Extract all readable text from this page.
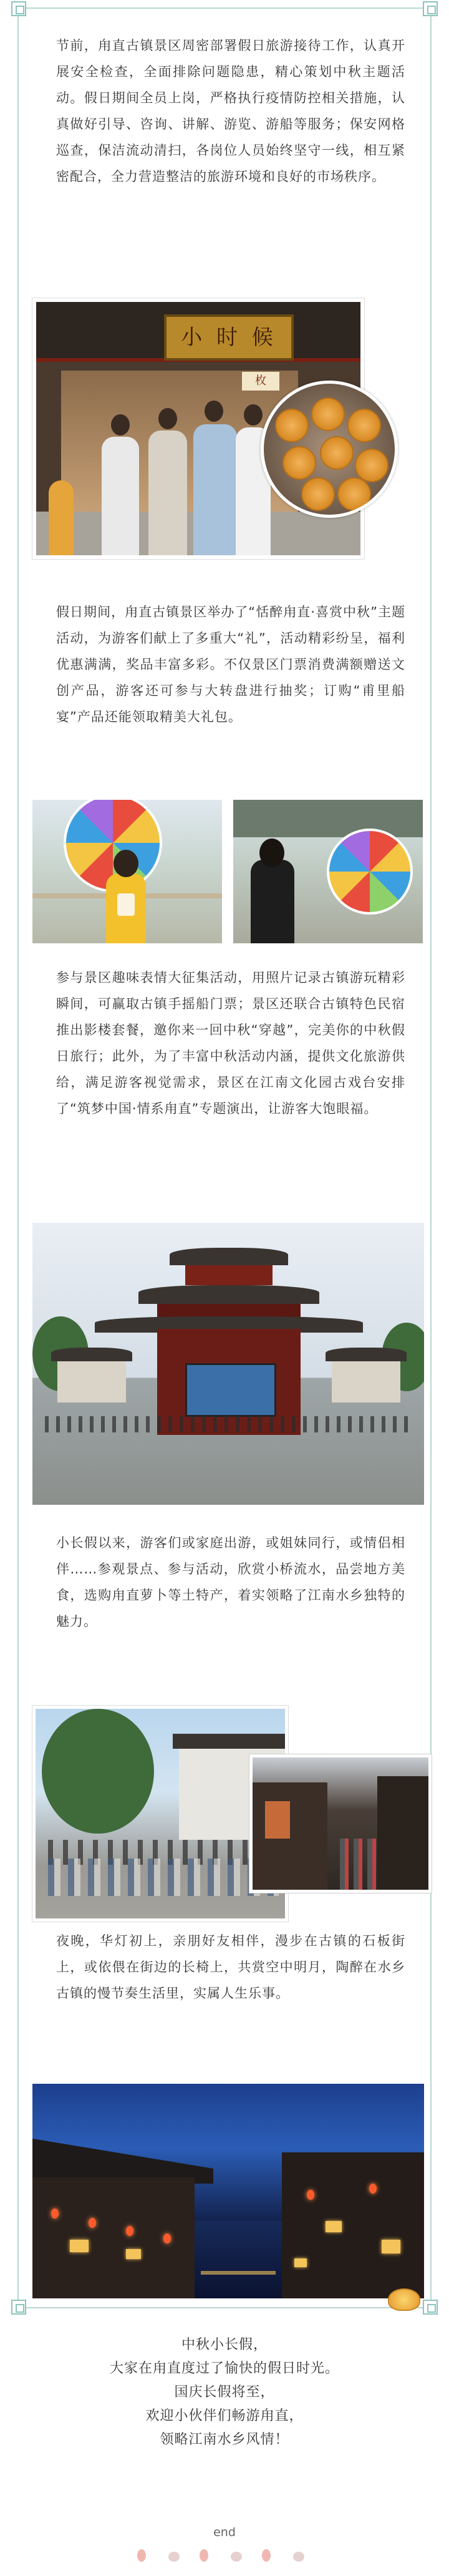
节前，甪直古镇景区周密部署假日旅游接待工作，认真开展安全检查，全面排除问题隐患，精心策划中秋主题活动。假日期间全员上岗，严格执行疫情防控相关措施，认真做好引导、咨询、讲解、游览、游船等服务；保安网格巡查，保洁流动清扫，各岗位人员始终坚守一线，相互紧密配合，全力营造整洁的旅游环境和良好的市场秩序。

小 时 候
枚

假日期间，甪直古镇景区举办了“恬醉甪直·喜赏中秋”主题活动，为游客们献上了多重大“礼”，活动精彩纷呈，福利优惠满满，奖品丰富多彩。不仅景区门票消费满额赠送文创产品，游客还可参与大转盘进行抽奖；订购“甫里船宴”产品还能领取精美大礼包。

参与景区趣味表情大征集活动，用照片记录古镇游玩精彩瞬间，可赢取古镇手摇船门票；景区还联合古镇特色民宿推出影楼套餐，邀你来一回中秋“穿越”，完美你的中秋假日旅行；此外，为了丰富中秋活动内涵，提供文化旅游供给，满足游客视觉需求，景区在江南文化园古戏台安排了“筑梦中国·情系甪直”专题演出，让游客大饱眼福。

小长假以来，游客们或家庭出游，或姐妹同行，或情侣相伴……参观景点、参与活动，欣赏小桥流水，品尝地方美食，选购甪直萝卜等土特产，着实领略了江南水乡独特的魅力。

夜晚，华灯初上，亲朋好友相伴，漫步在古镇的石板街上，或依偎在街边的长椅上，共赏空中明月，陶醉在水乡古镇的慢节奏生活里，实属人生乐事。

中秋小长假，
大家在甪直度过了愉快的假日时光。
国庆长假将至，
欢迎小伙伴们畅游甪直，
领略江南水乡风情！
end
